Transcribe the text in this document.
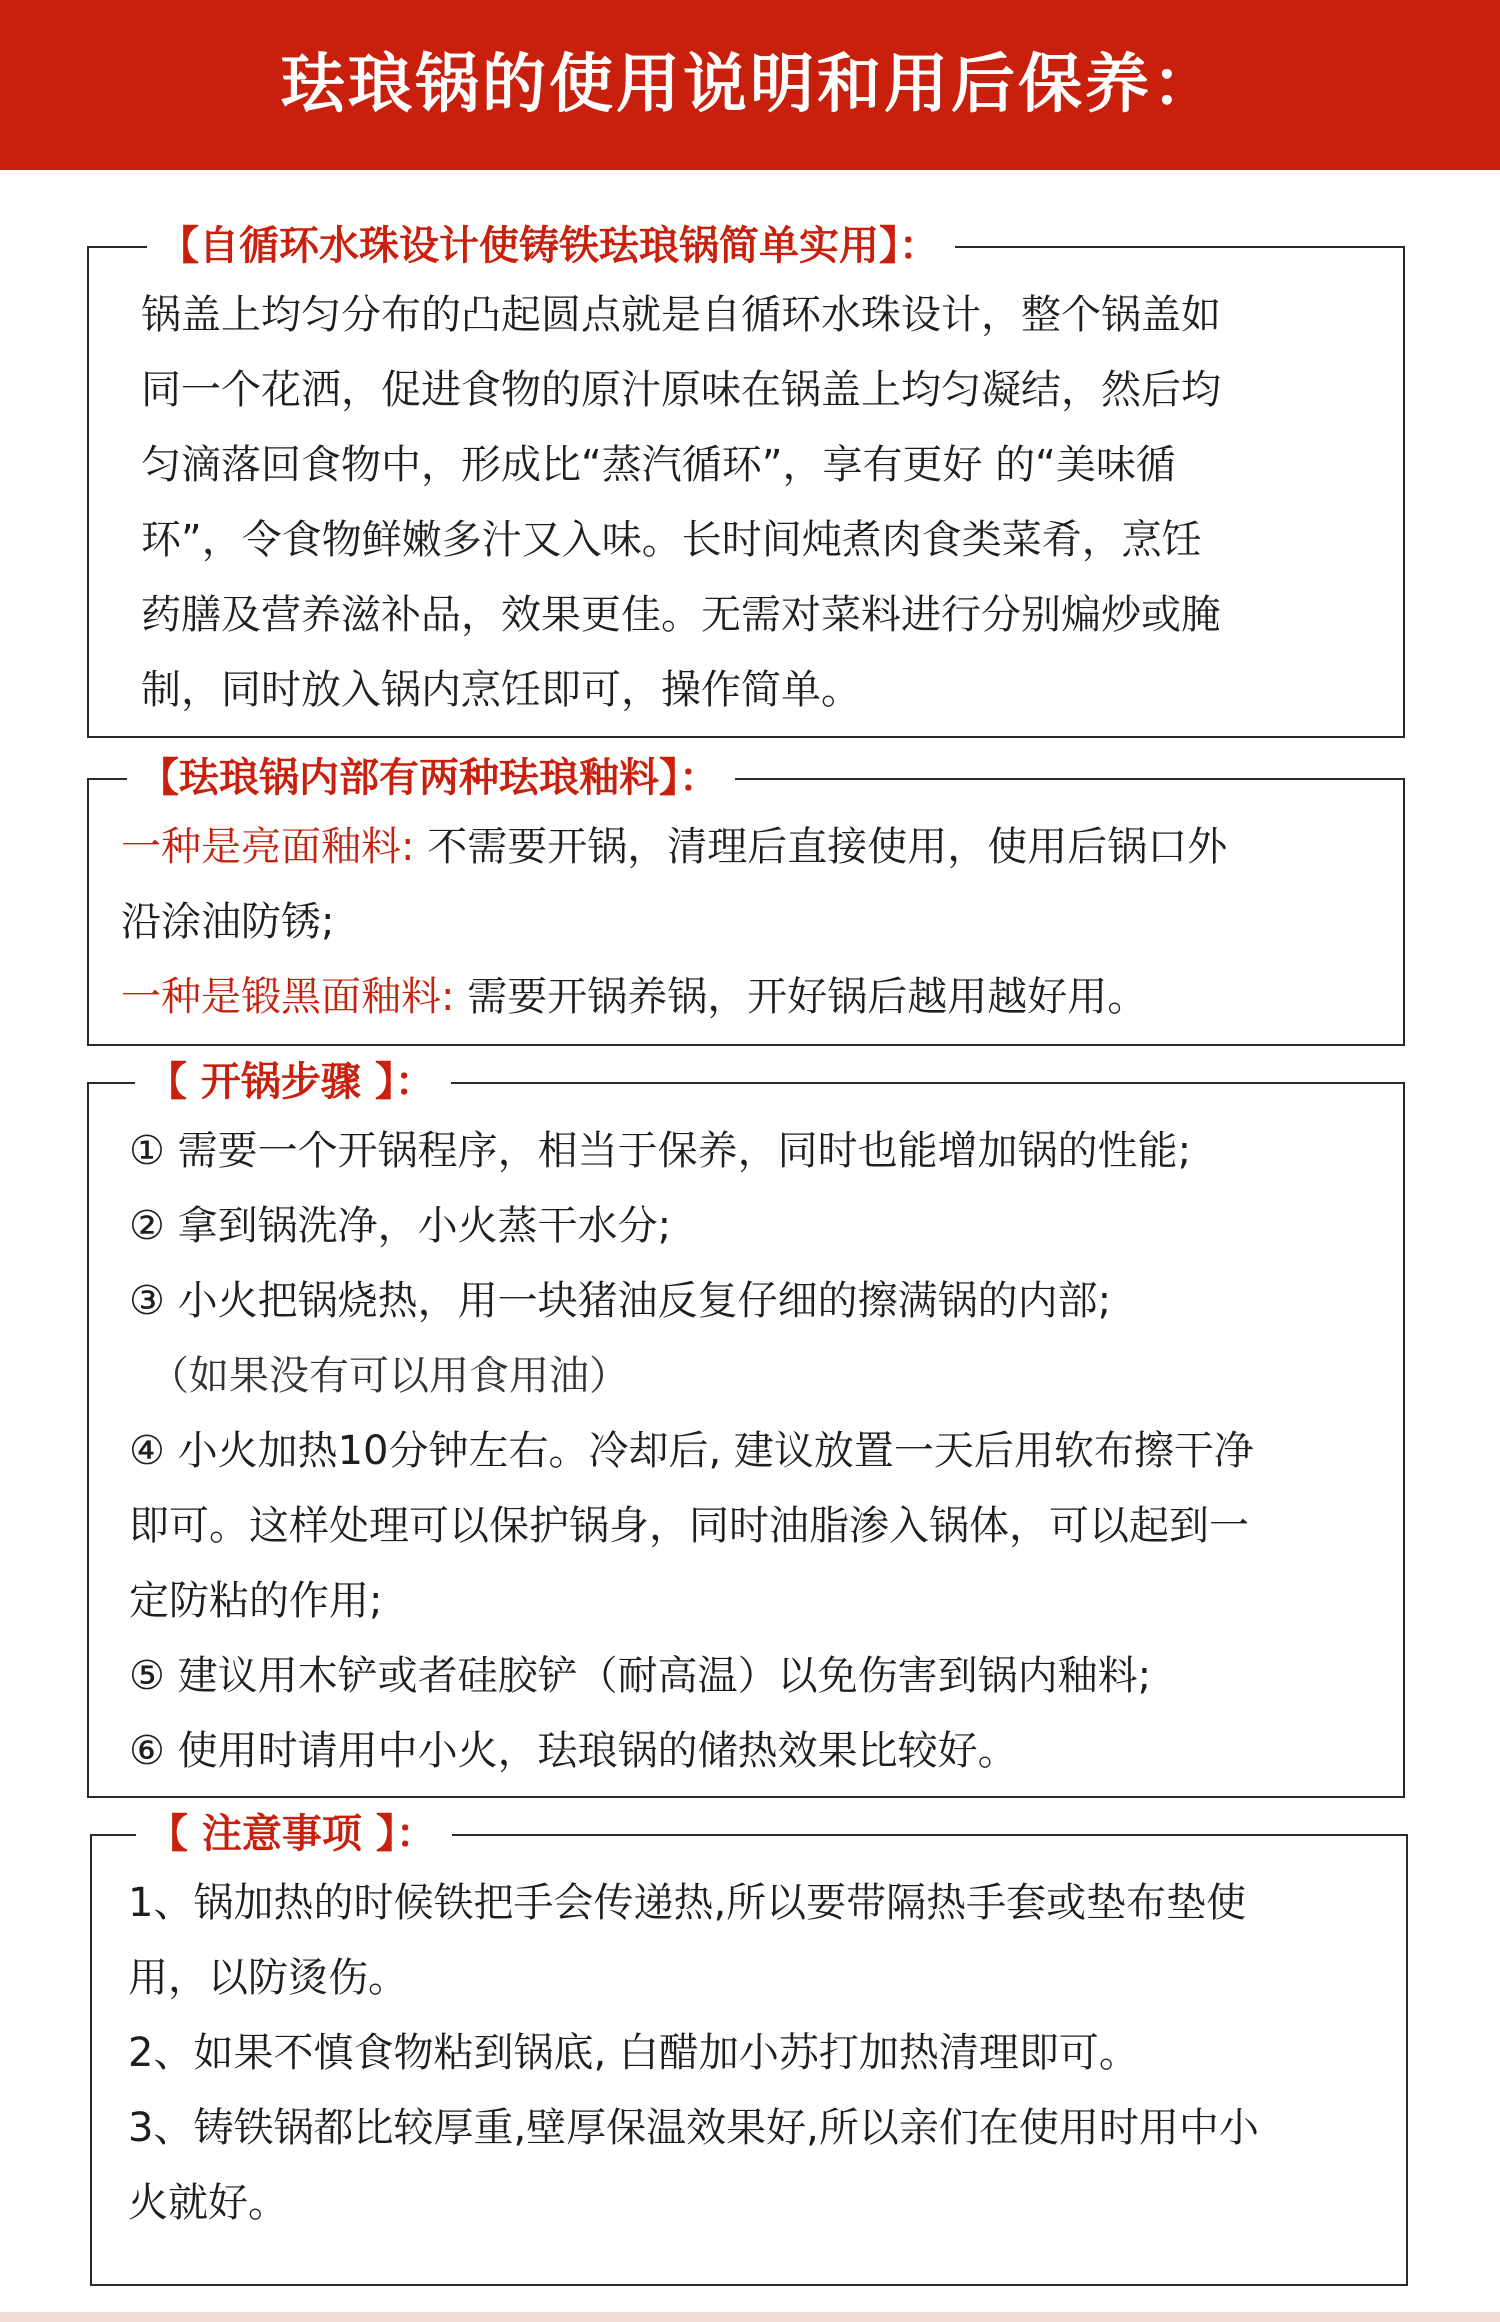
珐琅锅的使用说明和用后保养：
【自循环水珠设计使铸铁珐琅锅简单实用】：

锅盖上均匀分布的凸起圆点就是自循环水珠设计，整个锅盖如

同一个花洒，促进食物的原汁原味在锅盖上均匀凝结，然后均

匀滴落回食物中，形成比“蒸汽循环”，享有更好 的“美味循

环”，令食物鲜嫩多汁又入味。长时间炖煮肉食类菜肴，烹饪

药膳及营养滋补品，效果更佳。无需对菜料进行分别煸炒或腌

制，同时放入锅内烹饪即可，操作简单。

【珐琅锅内部有两种珐琅釉料】：

一种是亮面釉料: 不需要开锅，清理后直接使用，使用后锅口外

沿涂油防锈;

一种是锻黑面釉料: 需要开锅养锅，开好锅后越用越好用。

【 开锅步骤 】：

① 需要一个开锅程序，相当于保养，同时也能增加锅的性能;

② 拿到锅洗净，小火蒸干水分;

③ 小火把锅烧热，用一块猪油反复仔细的擦满锅的内部;

（如果没有可以用食用油）

④ 小火加热10分钟左右。冷却后, 建议放置一天后用软布擦干净

即可。这样处理可以保护锅身，同时油脂渗入锅体，可以起到一

定防粘的作用;

⑤ 建议用木铲或者硅胶铲（耐高温）以免伤害到锅内釉料;

⑥ 使用时请用中小火，珐琅锅的储热效果比较好。

【 注意事项 】：

1、锅加热的时候铁把手会传递热,所以要带隔热手套或垫布垫使

用，以防烫伤。

2、如果不慎食物粘到锅底, 白醋加小苏打加热清理即可。

3、铸铁锅都比较厚重,壁厚保温效果好,所以亲们在使用时用中小

火就好。
